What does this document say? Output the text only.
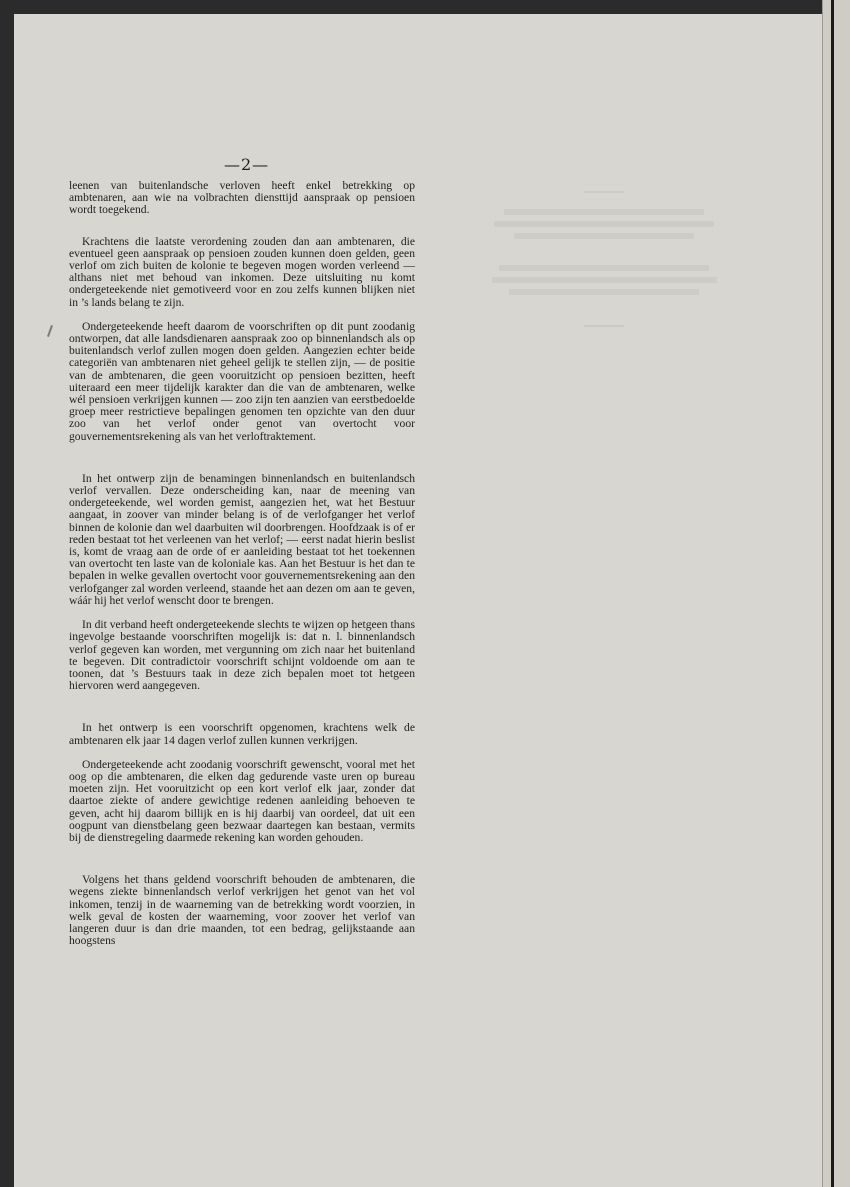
—2—

leenen van buitenlandsche verloven heeft enkel betrekking op ambtenaren, aan wie na volbrachten diensttijd aanspraak op pensioen wordt toegekend.

Krachtens die laatste verordening zouden dan aan ambtenaren, die eventueel geen aanspraak op pensioen zouden kunnen doen gelden, geen verlof om zich buiten de kolonie te begeven mogen worden verleend — althans niet met behoud van inkomen. Deze uitsluiting nu komt ondergeteekende niet gemotiveerd voor en zou zelfs kunnen blijken niet in ’s lands belang te zijn.

Ondergeteekende heeft daarom de voorschriften op dit punt zoodanig ontworpen, dat alle landsdienaren aanspraak zoo op binnenlandsch als op buitenlandsch verlof zullen mogen doen gelden. Aangezien echter beide categoriën van ambtenaren niet geheel gelijk te stellen zijn, — de positie van de ambtenaren, die geen vooruitzicht op pensioen bezitten, heeft uiteraard een meer tijdelijk karakter dan die van de ambtenaren, welke wél pensioen verkrijgen kunnen — zoo zijn ten aanzien van eerstbedoelde groep meer restrictieve bepalingen genomen ten opzichte van den duur zoo van het verlof onder genot van overtocht voor gouvernementsrekening als van het verloftraktement.

In het ontwerp zijn de benamingen binnenlandsch en buitenlandsch verlof vervallen. Deze onderscheiding kan, naar de meening van ondergeteekende, wel worden gemist, aangezien het, wat het Bestuur aangaat, in zoover van minder belang is of de verlofganger het verlof binnen de kolonie dan wel daarbuiten wil doorbrengen. Hoofdzaak is of er reden bestaat tot het verleenen van het verlof; — eerst nadat hierin beslist is, komt de vraag aan de orde of er aanleiding bestaat tot het toekennen van overtocht ten laste van de koloniale kas. Aan het Bestuur is het dan te bepalen in welke gevallen overtocht voor gouvernementsrekening aan den verlofganger zal worden verleend, staande het aan dezen om aan te geven, wáár hij het verlof wenscht door te brengen.

In dit verband heeft ondergeteekende slechts te wijzen op hetgeen thans ingevolge bestaande voorschriften mogelijk is: dat n. l. binnenlandsch verlof gegeven kan worden, met vergunning om zich naar het buitenland te begeven. Dit contradictoir voorschrift schijnt voldoende om aan te toonen, dat ’s Bestuurs taak in deze zich bepalen moet tot hetgeen hiervoren werd aangegeven.

In het ontwerp is een voorschrift opgenomen, krachtens welk de ambtenaren elk jaar 14 dagen verlof zullen kunnen verkrijgen.

Ondergeteekende acht zoodanig voorschrift gewenscht, vooral met het oog op die ambtenaren, die elken dag gedurende vaste uren op bureau moeten zijn. Het vooruitzicht op een kort verlof elk jaar, zonder dat daartoe ziekte of andere gewichtige redenen aanleiding behoeven te geven, acht hij daarom billijk en is hij daarbij van oordeel, dat uit een oogpunt van dienstbelang geen bezwaar daartegen kan bestaan, vermits bij de dienstregeling daarmede rekening kan worden gehouden.

Volgens het thans geldend voorschrift behouden de ambtenaren, die wegens ziekte binnenlandsch verlof verkrijgen het genot van het vol inkomen, tenzij in de waarneming van de betrekking wordt voorzien, in welk geval de kosten der waarneming, voor zoover het verlof van langeren duur is dan drie maanden, tot een bedrag, gelijkstaande aan hoogstens
